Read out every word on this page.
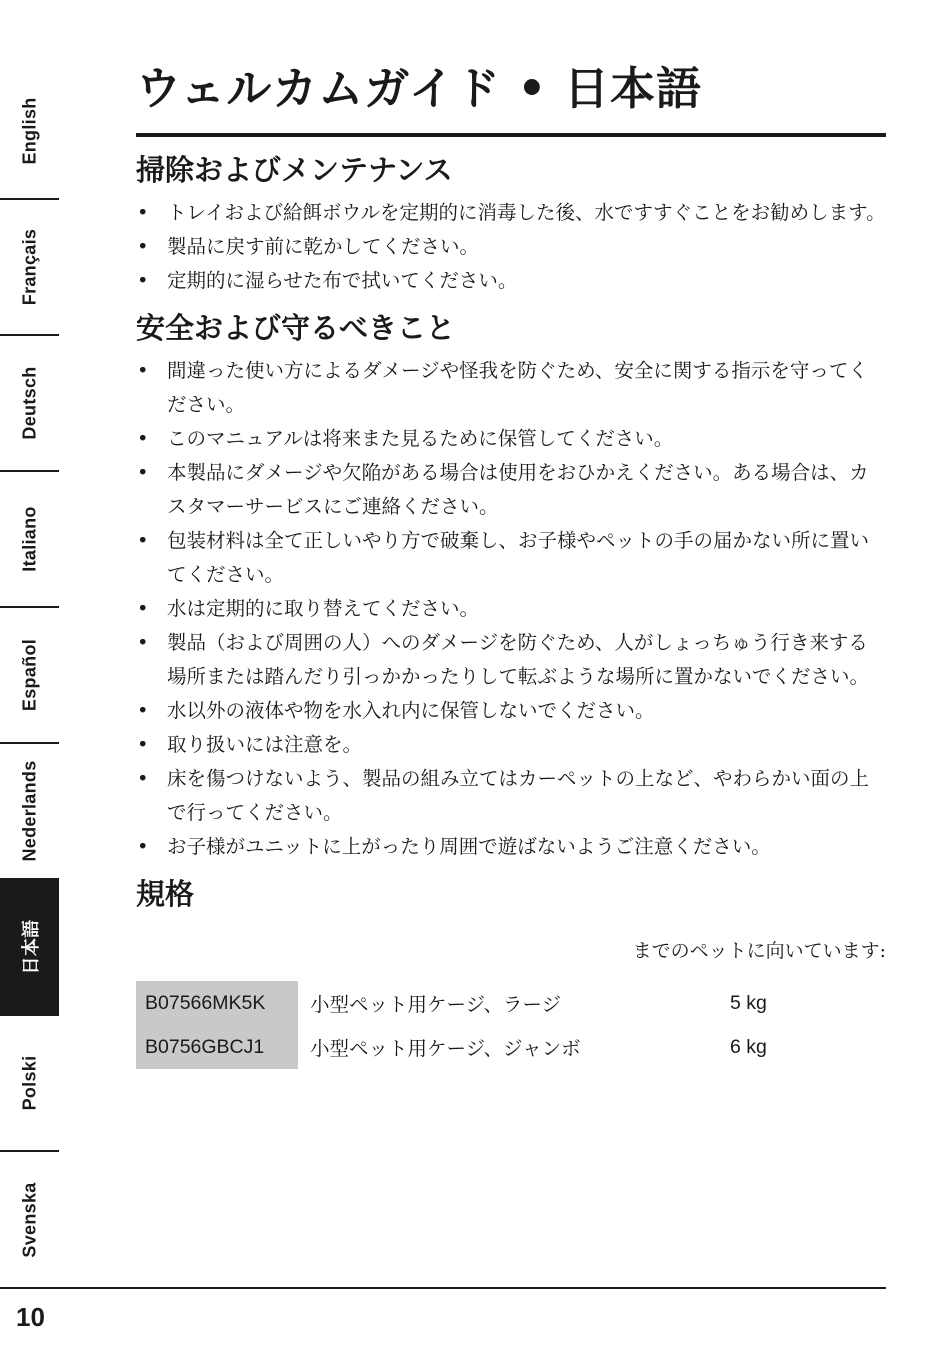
English
Français
Deutsch
Italiano
Español
Nederlands
日本語
Polski
Svenska
ウェルカムガイド • 日本語
掃除およびメンテナンス
• トレイおよび給餌ボウルを定期的に消毒した後、水ですすぐことをお勧めします。
• 製品に戻す前に乾かしてください。
• 定期的に湿らせた布で拭いてください。
安全および守るべきこと
• 間違った使い方によるダメージや怪我を防ぐため、安全に関する指示を守ってください。
• このマニュアルは将来また見るために保管してください。
• 本製品にダメージや欠陥がある場合は使用をおひかえください。ある場合は、カスタマーサービスにご連絡ください。
• 包装材料は全て正しいやり方で破棄し、お子様やペットの手の届かない所に置いてください。
• 水は定期的に取り替えてください。
• 製品（および周囲の人）へのダメージを防ぐため、人がしょっちゅう行き来する場所または踏んだり引っかかったりして転ぶような場所に置かないでください。
• 水以外の液体や物を水入れ内に保管しないでください。
• 取り扱いには注意を。
• 床を傷つけないよう、製品の組み立てはカーペットの上など、やわらかい面の上で行ってください。
• お子様がユニットに上がったり周囲で遊ばないようご注意ください。
規格
までのペットに向いています:
B07566MK5K	小型ペット用ケージ、ラージ	5 kg
B0756GBCJ1	小型ペット用ケージ、ジャンボ	6 kg
10
